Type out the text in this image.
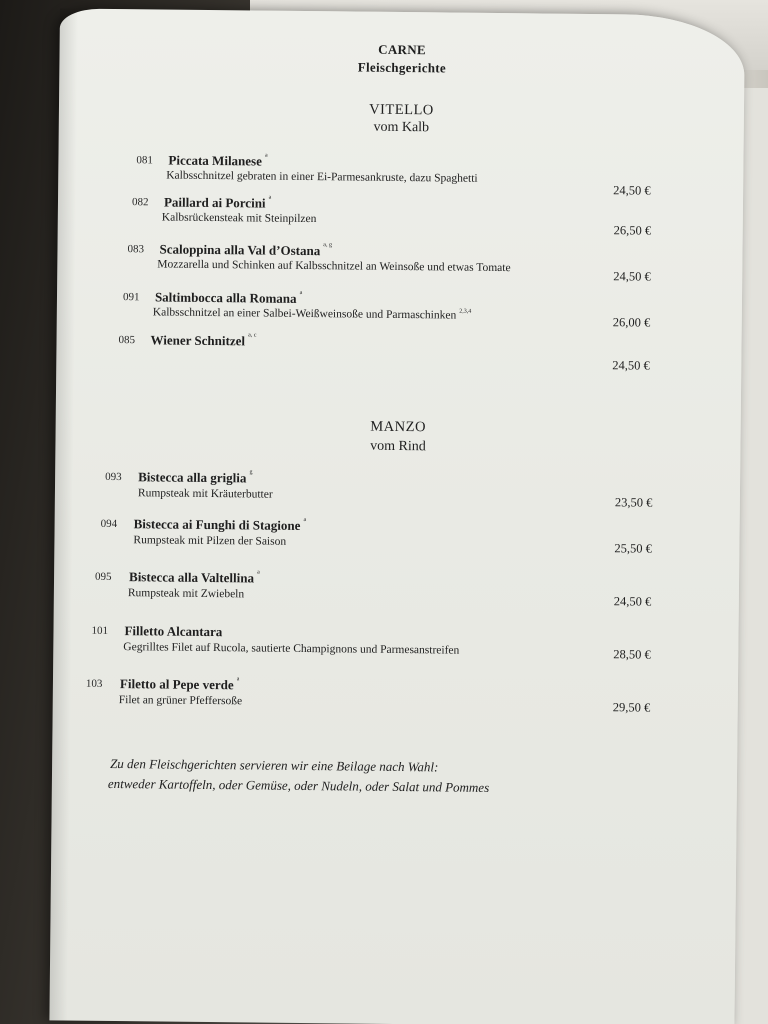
CARNE
Fleischgerichte
VITELLO
vom Kalb
081 Piccata Milanese $^a$
Kalbsschnitzel gebraten in einer Ei-Parmesankruste, dazu Spaghetti
24,50 €
082 Paillard ai Porcini $^a$
Kalbsrückensteak mit Steinpilzen
26,50 €
083 Scaloppina alla Val d’Ostana $^{a, g}$
Mozzarella und Schinken auf Kalbsschnitzel an Weinsoße und etwas Tomate
24,50 €
091 Saltimbocca alla Romana $^a$
Kalbsschnitzel an einer Salbei-Weißweinsoße und Parmaschinken $^{2,3,4}$
26,00 €
085 Wiener Schnitzel $^{a, c}$
24,50 €
MANZO
vom Rind
093 Bistecca alla griglia $^g$
Rumpsteak mit Kräuterbutter
23,50 €
094 Bistecca ai Funghi di Stagione $^a$
Rumpsteak mit Pilzen der Saison
25,50 €
095 Bistecca alla Valtellina $^a$
Rumpsteak mit Zwiebeln
24,50 €
101 Filletto Alcantara
Gegrilltes Filet auf Rucola, sautierte Champignons und Parmesanstreifen	28,50 €
103 Filetto al Pepe verde $^a$
Filet an grüner Pfeffersoße	29,50 €
Zu den Fleischgerichten servieren wir eine Beilage nach Wahl:
entweder Kartoffeln, oder Gemüse, oder Nudeln, oder Salat und Pommes
